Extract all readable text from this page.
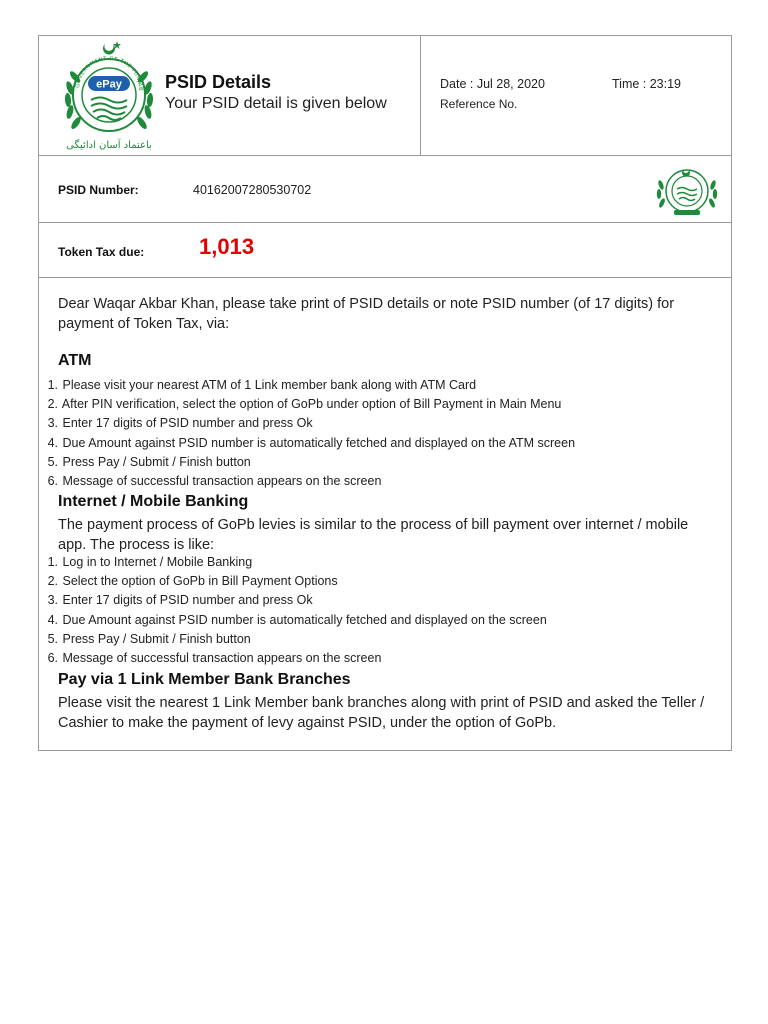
GOVERNMENT OF THE PUNJAB
ePay
باعتماد آسان ادائیگی
PSID Details
Your PSID detail is given below
Date : Jul 28, 2020	Time : 23:19
Reference No.
PSID Number:	40162007280530702
Token Tax due: 1,013
Dear Waqar Akbar Khan, please take print of PSID details or note PSID number (of 17 digits) for payment of Token Tax, via:
ATM
1. Please visit your nearest ATM of 1 Link member bank along with ATM Card
2. After PIN verification, select the option of GoPb under option of Bill Payment in Main Menu
3. Enter 17 digits of PSID number and press Ok
4. Due Amount against PSID number is automatically fetched and displayed on the ATM screen
5. Press Pay / Submit / Finish button
6. Message of successful transaction appears on the screen
Internet / Mobile Banking
The payment process of GoPb levies is similar to the process of bill payment over internet / mobile app. The process is like:
1. Log in to Internet / Mobile Banking
2. Select the option of GoPb in Bill Payment Options
3. Enter 17 digits of PSID number and press Ok
4. Due Amount against PSID number is automatically fetched and displayed on the screen
5. Press Pay / Submit / Finish button
6. Message of successful transaction appears on the screen
Pay via 1 Link Member Bank Branches
Please visit the nearest 1 Link Member bank branches along with print of PSID and asked the Teller / Cashier to make the payment of levy against PSID, under the option of GoPb.
